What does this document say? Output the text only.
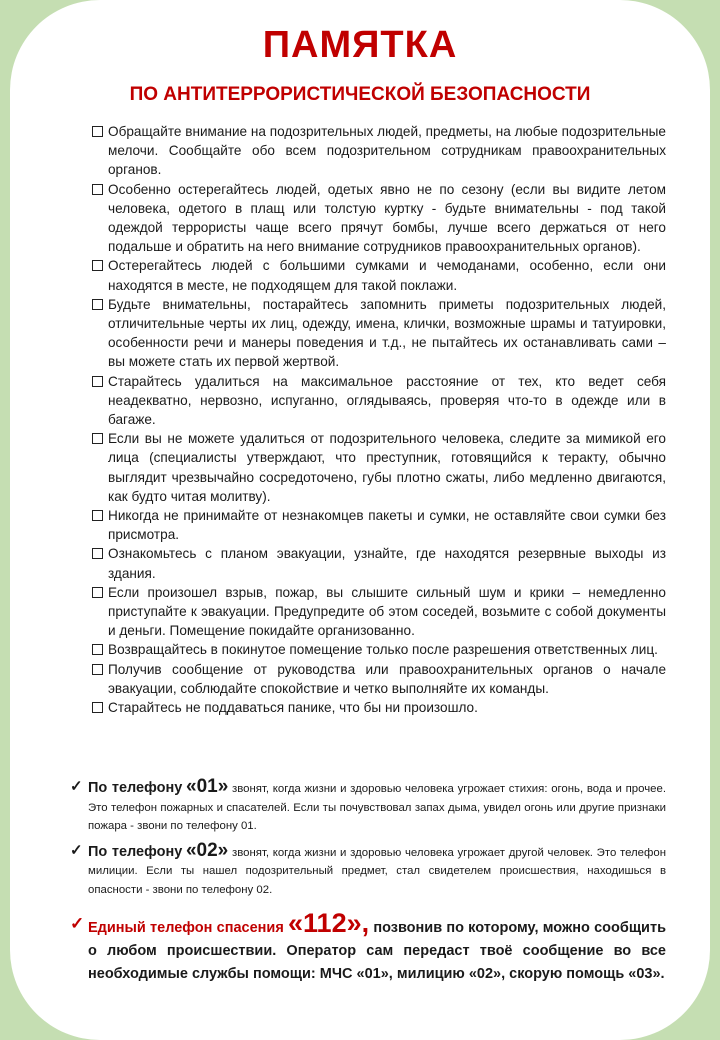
ПАМЯТКА
ПО АНТИТЕРРОРИСТИЧЕСКОЙ БЕЗОПАСНОСТИ
Обращайте внимание на подозрительных людей, предметы, на любые подозрительные мелочи. Сообщайте обо всем подозрительном сотрудникам правоохранительных органов.
Особенно остерегайтесь людей, одетых явно не по сезону (если вы видите летом человека, одетого в плащ или толстую куртку - будьте внимательны - под такой одеждой террористы чаще всего прячут бомбы, лучше всего держаться от него подальше и обратить на него внимание сотрудников правоохранительных органов).
Остерегайтесь людей с большими сумками и чемоданами, особенно, если они находятся в месте, не подходящем для такой поклажи.
Будьте внимательны, постарайтесь запомнить приметы подозрительных людей, отличительные черты их лиц, одежду, имена, клички, возможные шрамы и татуировки, особенности речи и манеры поведения и т.д., не пытайтесь их останавливать сами – вы можете стать их первой жертвой.
Старайтесь удалиться на максимальное расстояние от тех, кто ведет себя неадекватно, нервозно, испуганно, оглядываясь, проверяя что-то в одежде или в багаже.
Если вы не можете удалиться от подозрительного человека, следите за мимикой его лица (специалисты утверждают, что преступник, готовящийся к теракту, обычно выглядит чрезвычайно сосредоточено, губы плотно сжаты, либо медленно двигаются, как будто читая молитву).
Никогда не принимайте от незнакомцев пакеты и сумки, не оставляйте свои сумки без присмотра.
Ознакомьтесь с планом эвакуации, узнайте, где находятся резервные выходы из здания.
Если произошел взрыв, пожар, вы слышите сильный шум и крики – немедленно приступайте к эвакуации. Предупредите об этом соседей, возьмите с собой документы и деньги. Помещение покидайте организованно.
Возвращайтесь в покинутое помещение только после разрешения ответственных лиц.
Получив сообщение от руководства или правоохранительных органов о начале эвакуации, соблюдайте спокойствие и четко выполняйте их команды.
Старайтесь не поддаваться панике, что бы ни произошло.
✓ По телефону «01» звонят, когда жизни и здоровью человека угрожает стихия: огонь, вода и прочее. Это телефон пожарных и спасателей. Если ты почувствовал запах дыма, увидел огонь или другие признаки пожара - звони по телефону 01.
✓ По телефону «02» звонят, когда жизни и здоровью человека угрожает другой человек. Это телефон милиции. Если ты нашел подозрительный предмет, стал свидетелем происшествия, находишься в опасности - звони по телефону 02.
✓ Единый телефон спасения «112», позвонив по которому, можно сообщить о любом происшествии. Оператор сам передаст твоё сообщение во все необходимые службы помощи: МЧС «01», милицию «02», скорую помощь «03».
